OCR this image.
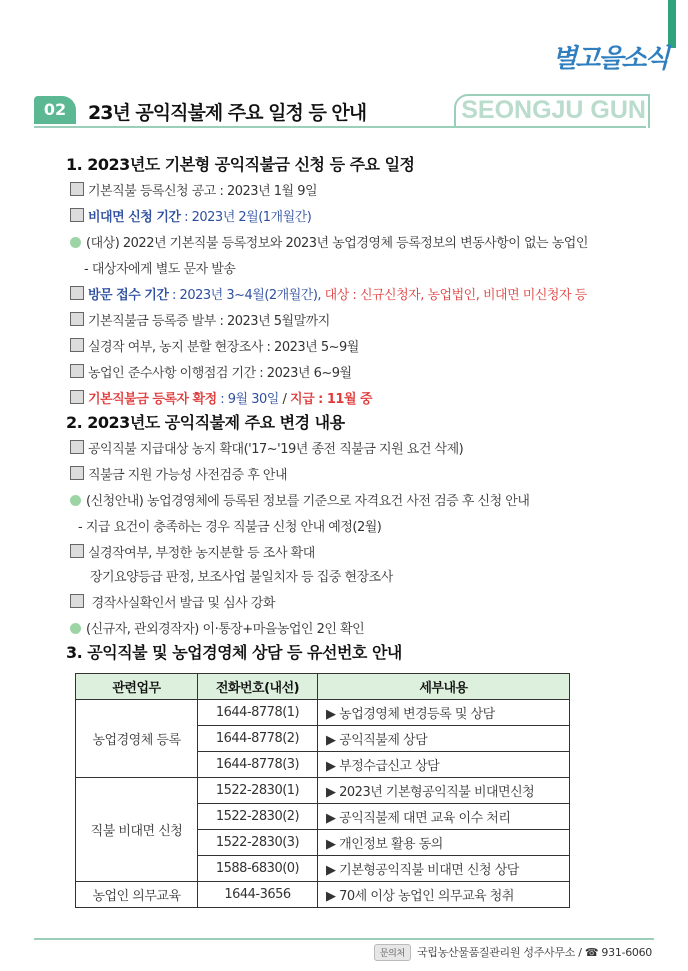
별고을소식
02	23년 공익직불제 주요 일정 등 안내	SEONGJU GUN
1. 2023년도 기본형 공익직불금 신청 등 주요 일정
기본직불 등록신청 공고 : 2023년 1월 9일
비대면 신청 기간 : 2023년 2월(1개월간)
(대상) 2022년 기본직불 등록정보와 2023년 농업경영체 등록정보의 변동사항이 없는 농업인
- 대상자에게 별도 문자 발송
방문 접수 기간 : 2023년 3~4월(2개월간), 대상 : 신규신청자, 농업법인, 비대면 미신청자 등
기본직불금 등록증 발부 : 2023년 5월말까지
실경작 여부, 농지 분할 현장조사 : 2023년 5~9월
농업인 준수사항 이행점검 기간 : 2023년 6~9월
기본직불금 등록자 확정 : 9월 30일 / 지급 : 11월 중
2. 2023년도 공익직불제 주요 변경 내용
공익직불 지급대상 농지 확대('17~'19년 종전 직불금 지원 요건 삭제)
직불금 지원 가능성 사전검증 후 안내
(신청안내) 농업경영체에 등록된 정보를 기준으로 자격요건 사전 검증 후 신청 안내
- 지급 요건이 충족하는 경우 직불금 신청 안내 예정(2월)
실경작여부, 부정한 농지분할 등 조사 확대
장기요양등급 판정, 보조사업 불일치자 등 집중 현장조사
경작사실확인서 발급 및 심사 강화
(신규자, 관외경작자) 이·통장+마을농업인 2인 확인
3. 공익직불 및 농업경영체 상담 등 유선번호 안내
관련업무	전화번호(내선)	세부내용
농업경영체 등록	1644-8778(1)	▶ 농업경영체 변경등록 및 상담
	1644-8778(2)	▶ 공익직불제 상담
	1644-8778(3)	▶ 부정수급신고 상담
직불 비대면 신청	1522-2830(1)	▶ 2023년 기본형공익직불 비대면신청
	1522-2830(2)	▶ 공익직불제 대면 교육 이수 처리
	1522-2830(3)	▶ 개인정보 활용 동의
	1588-6830(0)	▶ 기본형공익직불 비대면 신청 상담
농업인 의무교육	1644-3656	▶ 70세 이상 농업인 의무교육 청취
문의처 국립농산물품질관리원 성주사무소 / ☎ 931-6060
